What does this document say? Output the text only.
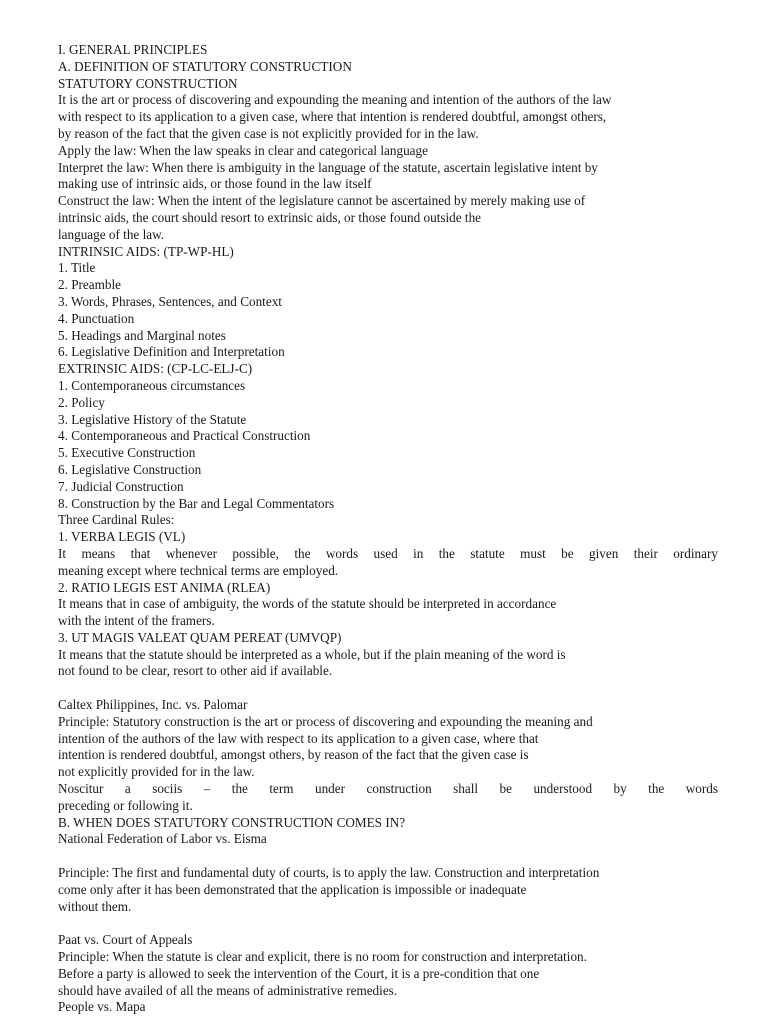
I. GENERAL PRINCIPLES
A. DEFINITION OF STATUTORY CONSTRUCTION
STATUTORY CONSTRUCTION
It is the art or process of discovering and expounding the meaning and intention of the authors of the law
with respect to its application to a given case, where that intention is rendered doubtful, amongst others,
by reason of the fact that the given case is not explicitly provided for in the law.
Apply the law: When the law speaks in clear and categorical language
Interpret the law: When there is ambiguity in the language of the statute, ascertain legislative intent by
making use of intrinsic aids, or those found in the law itself
Construct the law: When the intent of the legislature cannot be ascertained by merely making use of
intrinsic aids, the court should resort to extrinsic aids, or those found outside the
language of the law.
INTRINSIC AIDS: (TP-WP-HL)
1. Title
2. Preamble
3. Words, Phrases, Sentences, and Context
4. Punctuation
5. Headings and Marginal notes
6. Legislative Definition and Interpretation
EXTRINSIC AIDS: (CP-LC-ELJ-C)
1. Contemporaneous circumstances
2. Policy
3. Legislative History of the Statute
4. Contemporaneous and Practical Construction
5. Executive Construction
6. Legislative Construction
7. Judicial Construction
8. Construction by the Bar and Legal Commentators
Three Cardinal Rules:
1. VERBA LEGIS (VL)
It means that whenever possible, the words used in the statute must be given their ordinary
meaning except where technical terms are employed.
2. RATIO LEGIS EST ANIMA (RLEA)
It means that in case of ambiguity, the words of the statute should be interpreted in accordance
with the intent of the framers.
3. UT MAGIS VALEAT QUAM PEREAT (UMVQP)
It means that the statute should be interpreted as a whole, but if the plain meaning of the word is
not found to be clear, resort to other aid if available.
Caltex Philippines, Inc. vs. Palomar
Principle: Statutory construction is the art or process of discovering and expounding the meaning and
intention of the authors of the law with respect to its application to a given case, where that
intention is rendered doubtful, amongst others, by reason of the fact that the given case is
not explicitly provided for in the law.
Noscitur a sociis – the term under construction shall be understood by the words
preceding or following it.
B. WHEN DOES STATUTORY CONSTRUCTION COMES IN?
National Federation of Labor vs. Eisma
Principle: The first and fundamental duty of courts, is to apply the law. Construction and interpretation
come only after it has been demonstrated that the application is impossible or inadequate
without them.
Paat vs. Court of Appeals
Principle: When the statute is clear and explicit, there is no room for construction and interpretation.
Before a party is allowed to seek the intervention of the Court, it is a pre-condition that one
should have availed of all the means of administrative remedies.
People vs. Mapa
